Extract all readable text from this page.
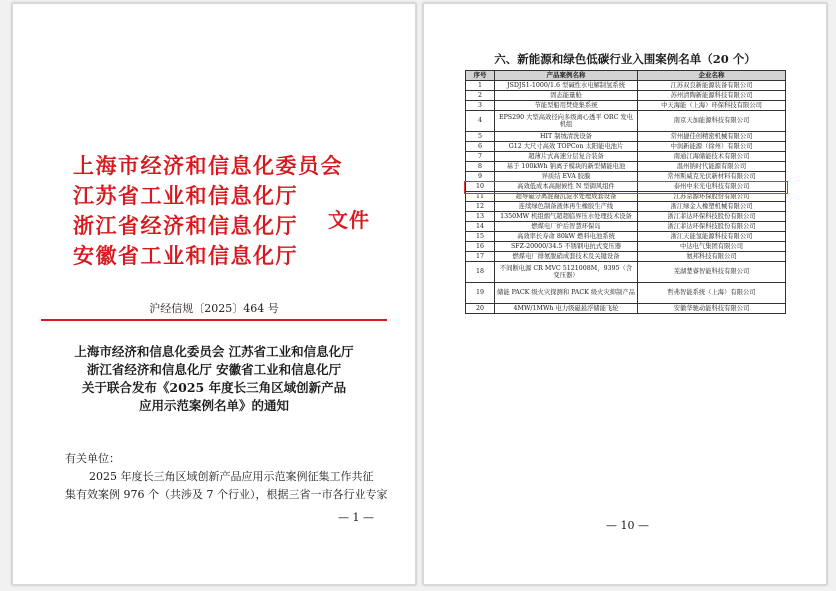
上海市经济和信息化委员会
江苏省工业和信息化厅
浙江省经济和信息化厅
安徽省工业和信息化厅
文件
沪经信规〔2025〕464 号
上海市经济和信息化委员会 江苏省工业和信息化厅
浙江省经济和信息化厅 安徽省工业和信息化厅
关于联合发布《2025 年度长三角区域创新产品
应用示范案例名单》的通知
有关单位：
2025 年度长三角区域创新产品应用示范案例征集工作共征
集有效案例 976 个（共涉及 7 个行业），根据三省一市各行业专家
— 1 —
六、新能源和绿色低碳行业入围案例名单（20 个）
序号	产品案例名称	企业名称
1	JSDJS1-1000/1.6 型碱性水电解制氢系统	江苏双良新能源装备有限公司
2	固态能量舱	苏州清陶新能源科技有限公司
3	节能型船用焚烧集系统	中天海能（上海）环保科技有限公司
4	EPS290 大型高效径向多级离心透平 ORC 发电机组	南京天加能源科技有限公司
5	HIT 制绒清洗设备	常州捷佳创精密机械有限公司
6	G12 大尺寸高效 TOPCon 太阳能电池片	中润新能源（徐州）有限公司
7	超薄片式高速分层复合装备	南通江海储能技术有限公司
8	基于 100kWh 钠离子模块的新型储能电池	温州钠时代能源有限公司
9	异质结 EVA 胶膜	常州斯威克光伏新材料有限公司
10	高效低成本高耐候性 N 型御风组件	泰州中来光电科技有限公司
11	超导磁分离混凝沉淀水处理成套设备	江苏京源环保股份有限公司
12	连续绿色制备液体再生橡胶生产线	浙江绿金人橡塑机械有限公司
13	1350MW 机组烟气超超临界压水处理技术设备	浙江菲达环保科技股份有限公司
14	燃煤电厂炉后智慧环保岛	浙江菲达环保科技股份有限公司
15	高效率长寿命 80kW 燃料电池系统	浙江天能氢能源科技有限公司
16	SFZ-20000/34.5 不锈钢电抗式变压器	中达电气集团有限公司
17	燃煤电厂排氨脱硝成套技术及关键设备	氨邦科技有限公司
18	不间断电源 CR MVC 5121008M，9395（含变压器）	芜湖楚睿智能科技有限公司
19	储能 PACK 级火灾探测和 PACK 级火灾抑制产品	哲弗智能系统（上海）有限公司
20	4MW/1MWh 电力级磁悬浮储能飞轮	安徽华驰动能科技有限公司
— 10 —
